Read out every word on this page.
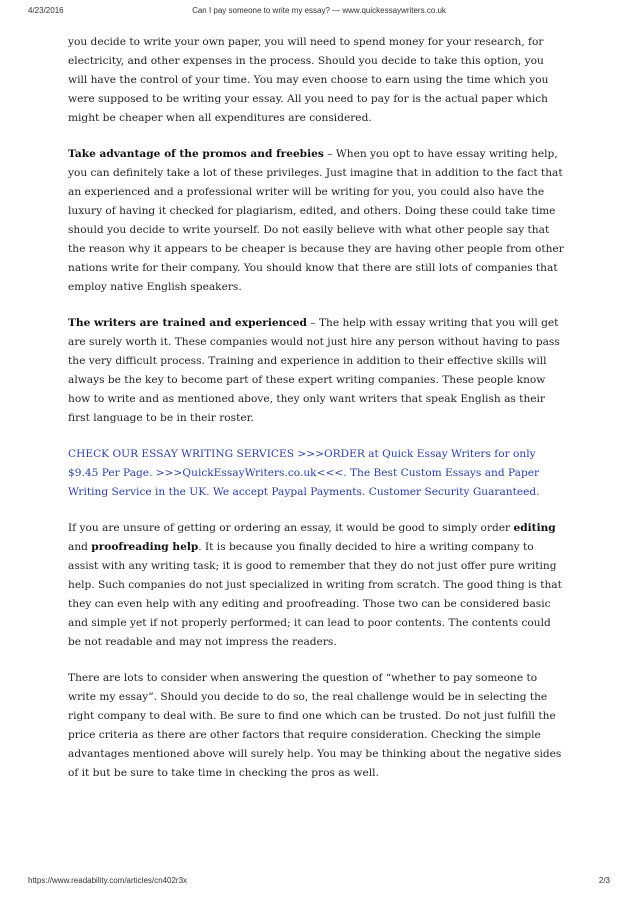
4/23/2016	Can I pay someone to write my essay? — www.quickessaywriters.co.uk

you decide to write your own paper, you will need to spend money for your research, for electricity, and other expenses in the process. Should you decide to take this option, you will have the control of your time. You may even choose to earn using the time which you were supposed to be writing your essay. All you need to pay for is the actual paper which might be cheaper when all expenditures are considered.

Take advantage of the promos and freebies – When you opt to have essay writing help, you can definitely take a lot of these privileges. Just imagine that in addition to the fact that an experienced and a professional writer will be writing for you, you could also have the luxury of having it checked for plagiarism, edited, and others. Doing these could take time should you decide to write yourself. Do not easily believe with what other people say that the reason why it appears to be cheaper is because they are having other people from other nations write for their company. You should know that there are still lots of companies that employ native English speakers.

The writers are trained and experienced – The help with essay writing that you will get are surely worth it. These companies would not just hire any person without having to pass the very difficult process. Training and experience in addition to their effective skills will always be the key to become part of these expert writing companies. These people know how to write and as mentioned above, they only want writers that speak English as their first language to be in their roster.

CHECK OUR ESSAY WRITING SERVICES >>>ORDER at Quick Essay Writers for only $9.45 Per Page. >>>QuickEssayWriters.co.uk<<<. The Best Custom Essays and Paper Writing Service in the UK. We accept Paypal Payments. Customer Security Guaranteed.

If you are unsure of getting or ordering an essay, it would be good to simply order editing and proofreading help. It is because you finally decided to hire a writing company to assist with any writing task; it is good to remember that they do not just offer pure writing help. Such companies do not just specialized in writing from scratch. The good thing is that they can even help with any editing and proofreading. Those two can be considered basic and simple yet if not properly performed; it can lead to poor contents. The contents could be not readable and may not impress the readers.

There are lots to consider when answering the question of “whether to pay someone to write my essay”. Should you decide to do so, the real challenge would be in selecting the right company to deal with. Be sure to find one which can be trusted. Do not just fulfill the price criteria as there are other factors that require consideration. Checking the simple advantages mentioned above will surely help. You may be thinking about the negative sides of it but be sure to take time in checking the pros as well.

https://www.readability.com/articles/cn402r3x	2/3
